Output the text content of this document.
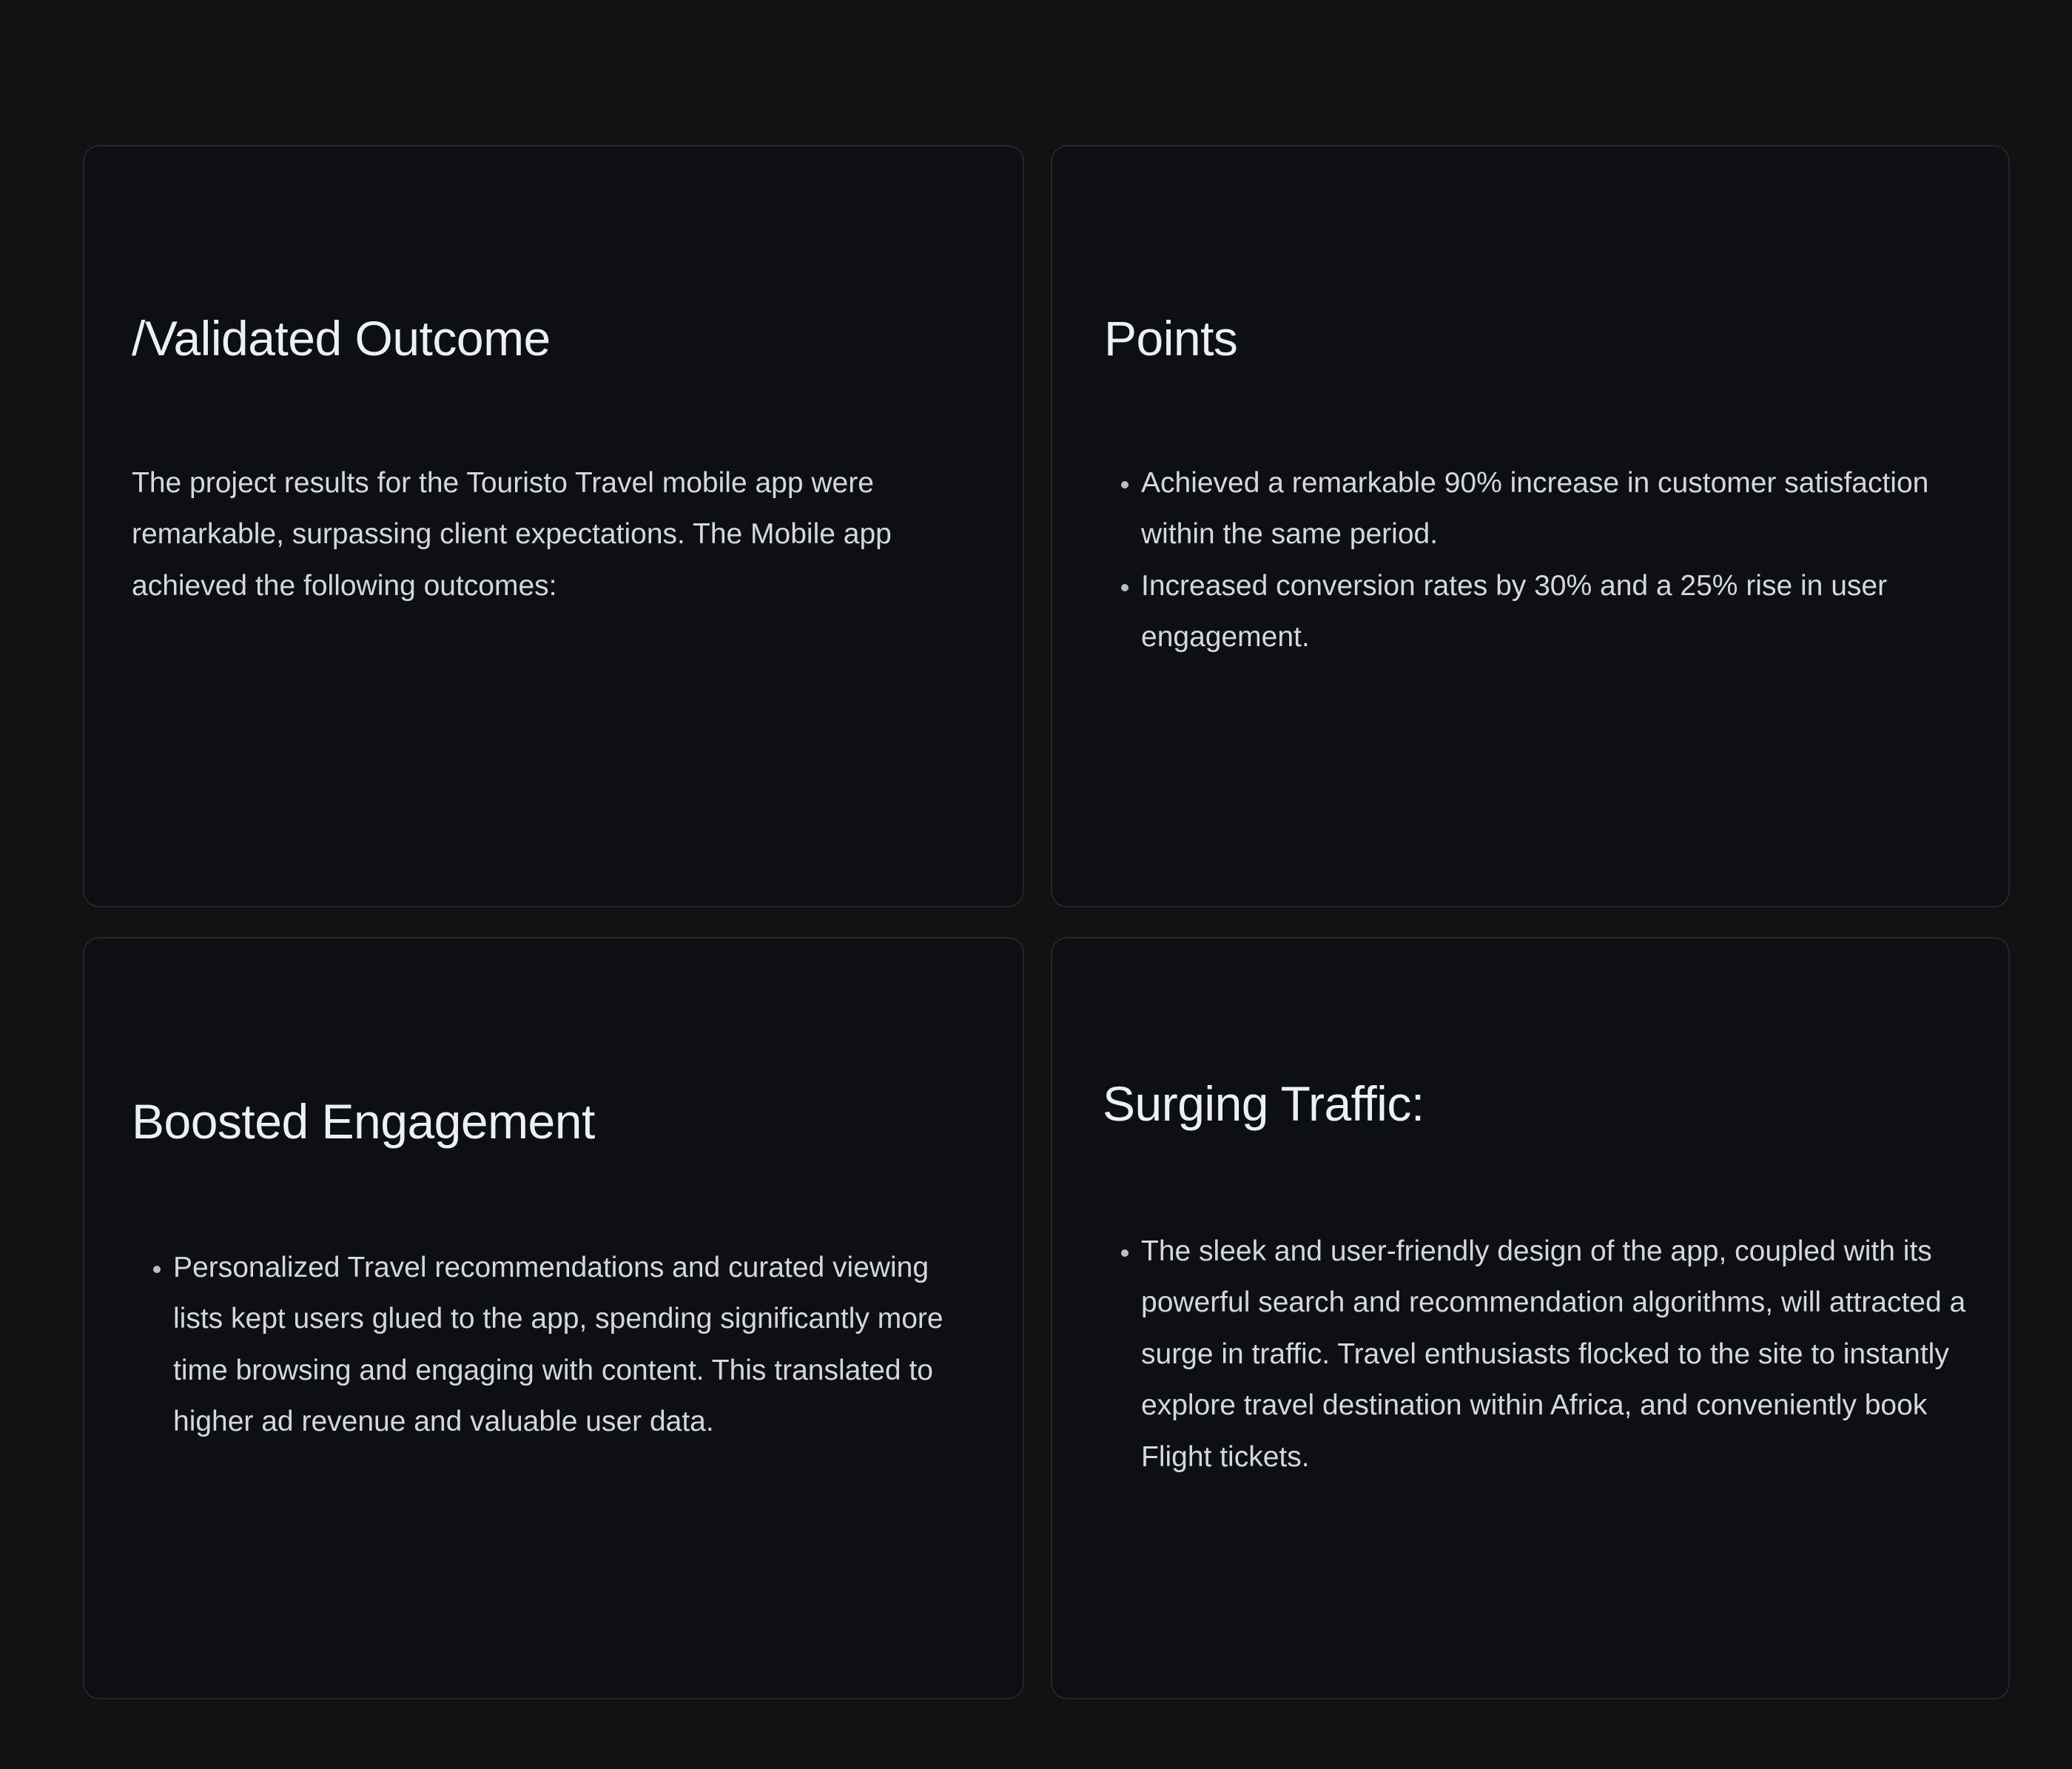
/Validated Outcome

The project results for the Touristo Travel mobile app were remarkable, surpassing client expectations. The Mobile app achieved the following outcomes:

Points
• Achieved a remarkable 90% increase in customer satisfaction within the same period.
• Increased conversion rates by 30% and a 25% rise in user engagement.
Boosted Engagement
• Personalized Travel recommendations and curated viewing lists kept users glued to the app, spending significantly more time browsing and engaging with content. This translated to higher ad revenue and valuable user data.
Surging Traffic:
• The sleek and user-friendly design of the app, coupled with its powerful search and recommendation algorithms, will attracted a surge in traffic. Travel enthusiasts flocked to the site to instantly explore travel destination within Africa, and conveniently book Flight tickets.
